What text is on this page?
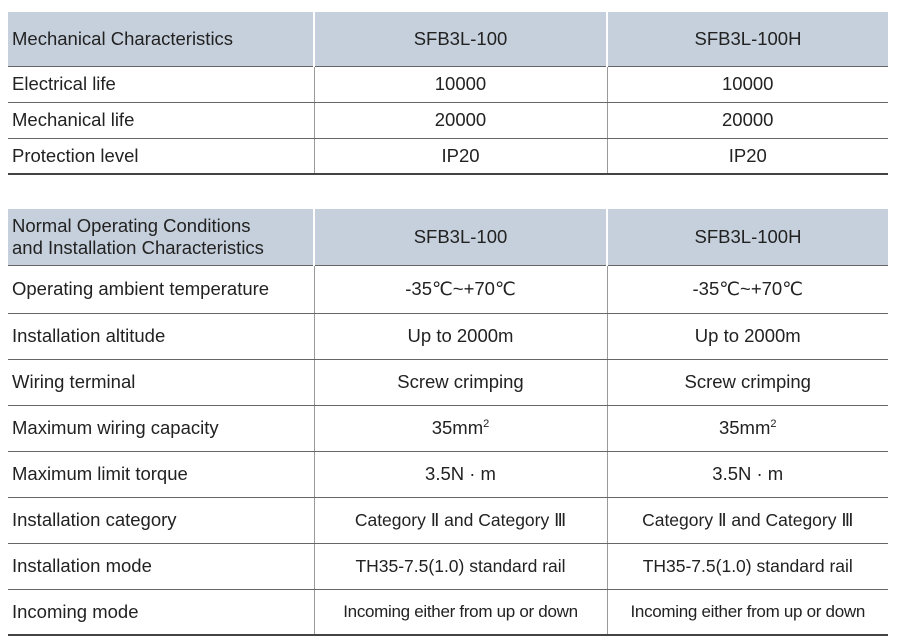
Mechanical Characteristics	SFB3L-100	SFB3L-100H
Electrical life	10000	10000
Mechanical life	20000	20000
Protection level	IP20	IP20
Normal Operating Conditions
and Installation Characteristics	SFB3L-100	SFB3L-100H
Operating ambient temperature	-35℃~+70℃	-35℃~+70℃
Installation altitude	Up to 2000m	Up to 2000m
Wiring terminal	Screw crimping	Screw crimping
Maximum wiring capacity	$35mm^2$	$35mm^2$
Maximum limit torque	3.5N · m	3.5N · m
Installation category	Category Ⅱ and Category Ⅲ	Category Ⅱ and Category Ⅲ
Installation mode	TH35-7.5(1.0) standard rail	TH35-7.5(1.0) standard rail
Incoming mode	Incoming either from up or down	Incoming either from up or down
